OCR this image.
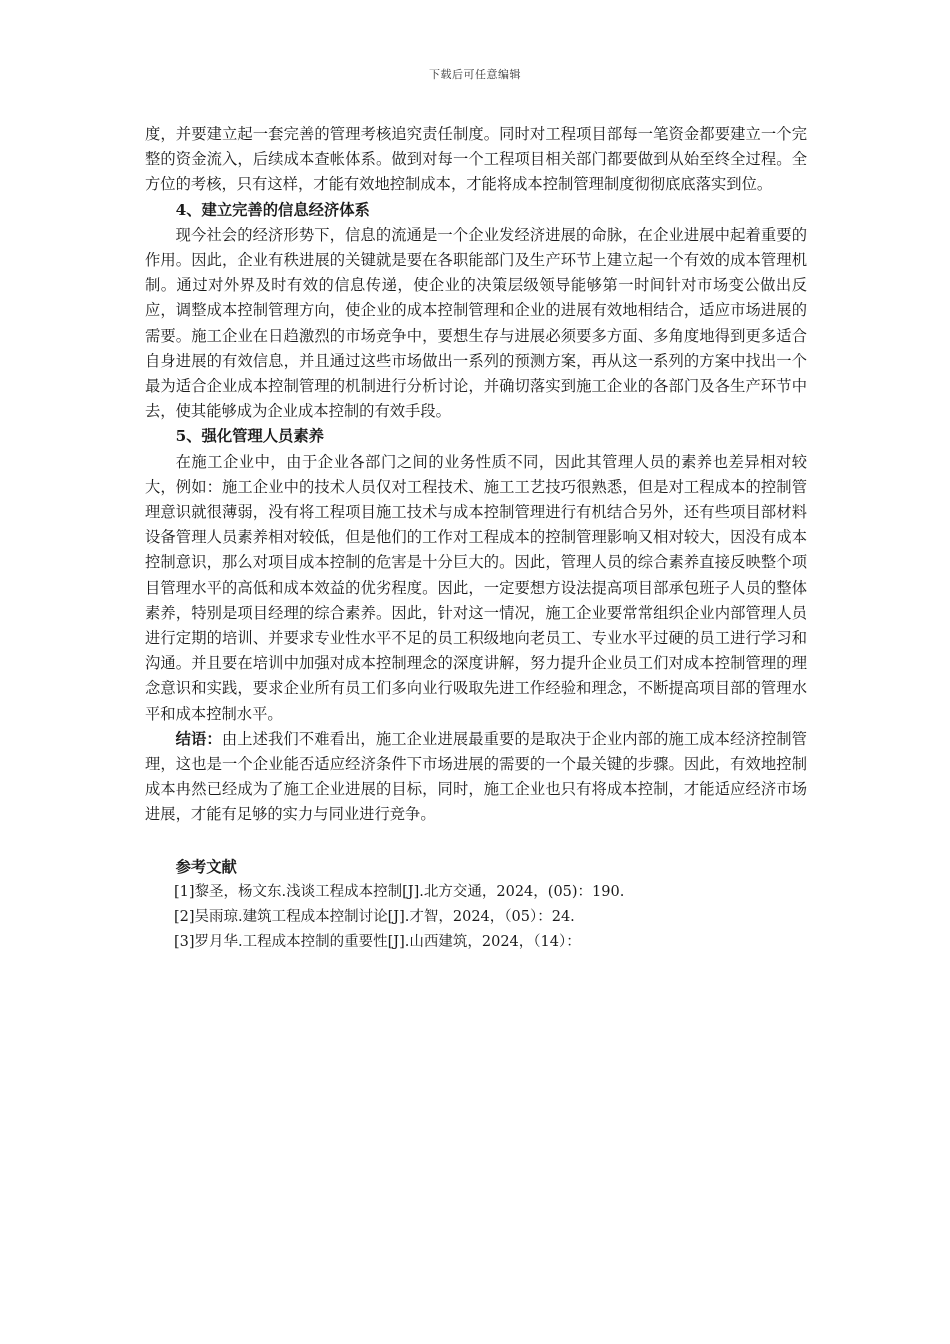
下载后可任意编辑

度，并要建立起一套完善的管理考核追究责任制度。同时对工程项目部每一笔资金都要建立一个完整的资金流入，后续成本查帐体系。做到对每一个工程项目相关部门都要做到从始至终全过程。全方位的考核，只有这样，才能有效地控制成本，才能将成本控制管理制度彻彻底底落实到位。

4、建立完善的信息经济体系

现今社会的经济形势下，信息的流通是一个企业发经济进展的命脉，在企业进展中起着重要的作用。因此，企业有秩进展的关键就是要在各职能部门及生产环节上建立起一个有效的成本管理机制。通过对外界及时有效的信息传递，使企业的决策层级领导能够第一时间针对市场变公做出反应，调整成本控制管理方向，使企业的成本控制管理和企业的进展有效地相结合，适应市场进展的需要。施工企业在日趋激烈的市场竞争中，要想生存与进展必须要多方面、多角度地得到更多适合自身进展的有效信息，并且通过这些市场做出一系列的预测方案，再从这一系列的方案中找出一个最为适合企业成本控制管理的机制进行分析讨论，并确切落实到施工企业的各部门及各生产环节中去，使其能够成为企业成本控制的有效手段。

5、强化管理人员素养

在施工企业中，由于企业各部门之间的业务性质不同，因此其管理人员的素养也差异相对较大，例如：施工企业中的技术人员仅对工程技术、施工工艺技巧很熟悉，但是对工程成本的控制管理意识就很薄弱，没有将工程项目施工技术与成本控制管理进行有机结合另外，还有些项目部材料设备管理人员素养相对较低，但是他们的工作对工程成本的控制管理影响又相对较大，因没有成本控制意识，那么对项目成本控制的危害是十分巨大的。因此，管理人员的综合素养直接反映整个项目管理水平的高低和成本效益的优劣程度。因此，一定要想方设法提高项目部承包班子人员的整体素养，特别是项目经理的综合素养。因此，针对这一情况，施工企业要常常组织企业内部管理人员进行定期的培训、并要求专业性水平不足的员工积级地向老员工、专业水平过硬的员工进行学习和沟通。并且要在培训中加强对成本控制理念的深度讲解，努力提升企业员工们对成本控制管理的理念意识和实践，要求企业所有员工们多向业行吸取先进工作经验和理念，不断提高项目部的管理水平和成本控制水平。

结语：由上述我们不难看出，施工企业进展最重要的是取决于企业内部的施工成本经济控制管理，这也是一个企业能否适应经济条件下市场进展的需要的一个最关键的步骤。因此，有效地控制成本冉然已经成为了施工企业进展的目标，同时，施工企业也只有将成本控制，才能适应经济市场进展，才能有足够的实力与同业进行竞争。

参考文献

[1]黎圣，杨文东.浅谈工程成本控制[J].北方交通，2024，(05)：190.

[2]吴雨琼.建筑工程成本控制讨论[J].才智，2024，（05）：24.

[3]罗月华.工程成本控制的重要性[J].山西建筑，2024，（14）：
